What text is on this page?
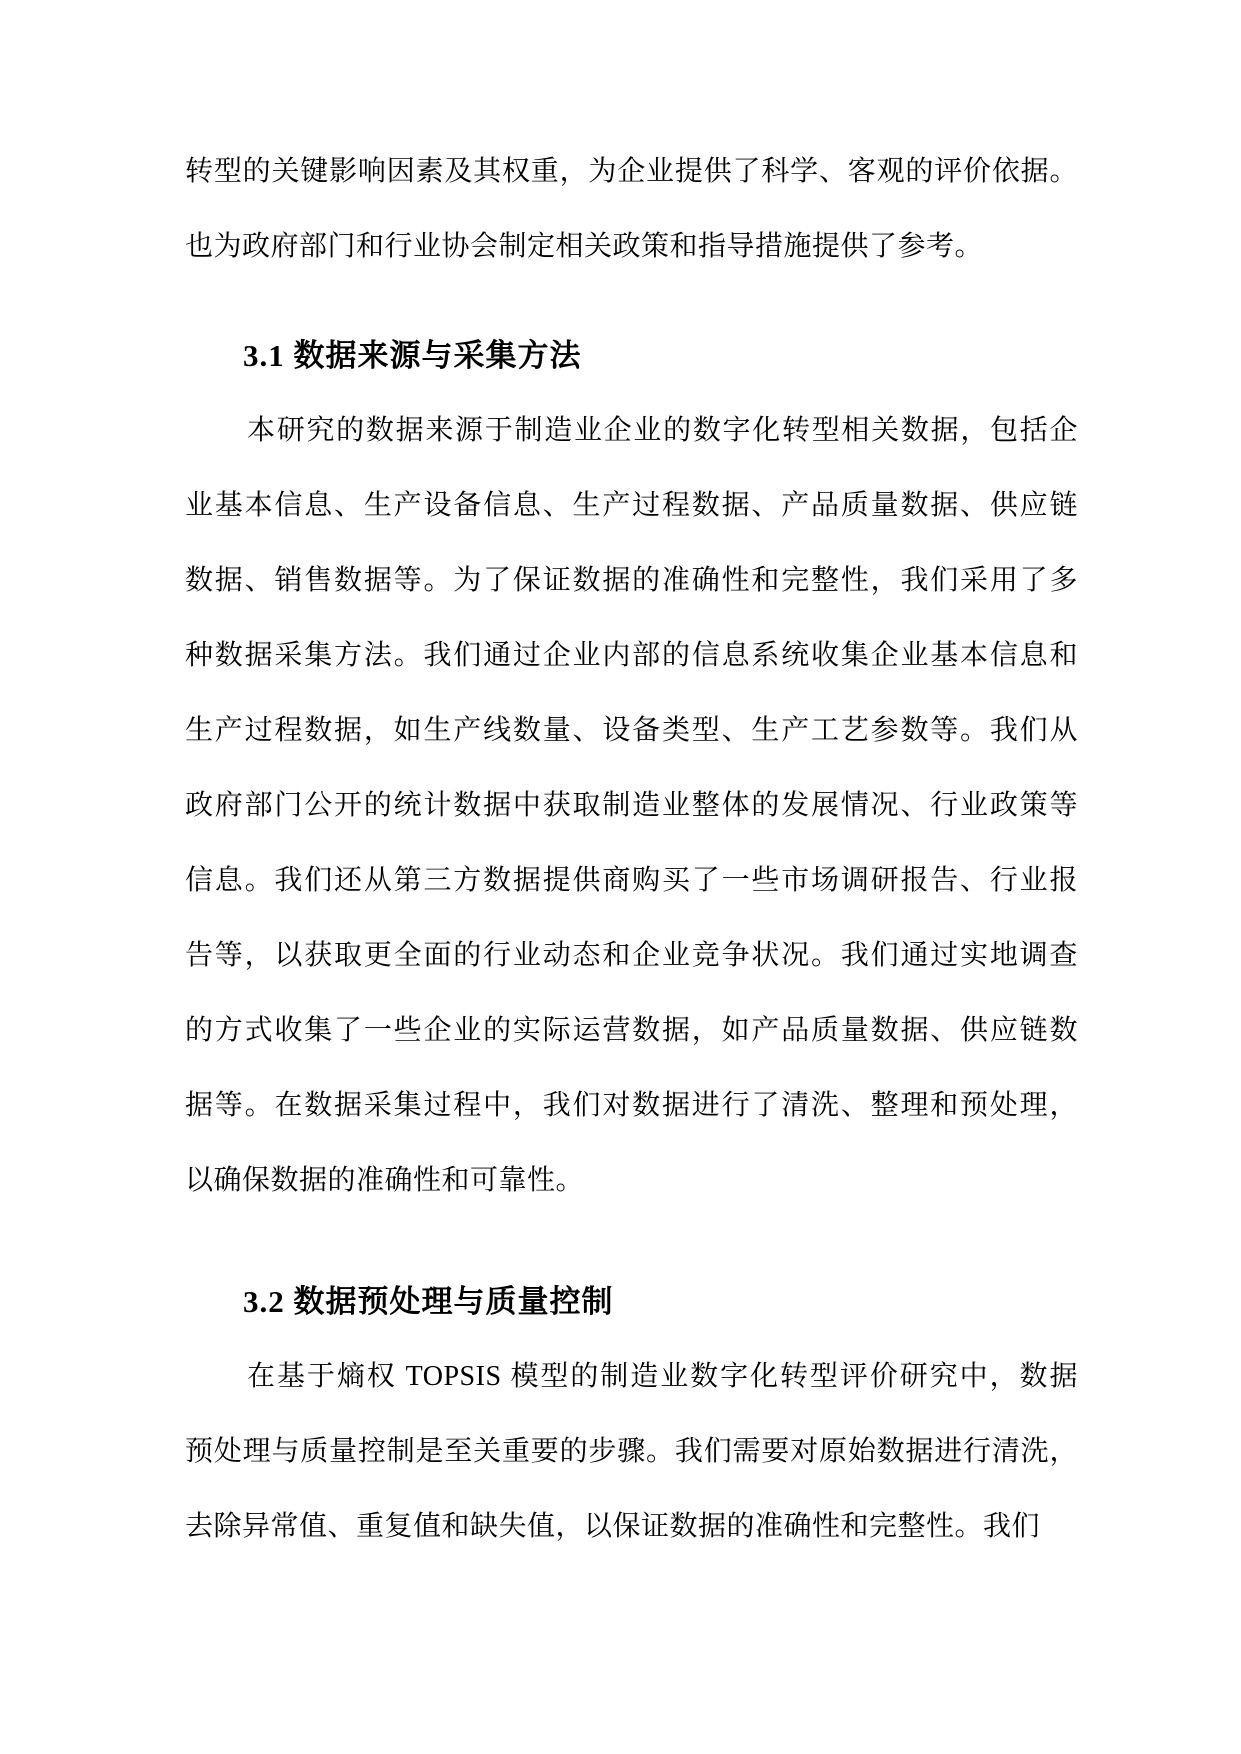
转型的关键影响因素及其权重，为企业提供了科学、客观的评价依据。
也为政府部门和行业协会制定相关政策和指导措施提供了参考。
3.1 数据来源与采集方法
本研究的数据来源于制造业企业的数字化转型相关数据，包括企
业基本信息、生产设备信息、生产过程数据、产品质量数据、供应链
数据、销售数据等。为了保证数据的准确性和完整性，我们采用了多
种数据采集方法。我们通过企业内部的信息系统收集企业基本信息和
生产过程数据，如生产线数量、设备类型、生产工艺参数等。我们从
政府部门公开的统计数据中获取制造业整体的发展情况、行业政策等
信息。我们还从第三方数据提供商购买了一些市场调研报告、行业报
告等，以获取更全面的行业动态和企业竞争状况。我们通过实地调查
的方式收集了一些企业的实际运营数据，如产品质量数据、供应链数
据等。在数据采集过程中，我们对数据进行了清洗、整理和预处理，
以确保数据的准确性和可靠性。
3.2 数据预处理与质量控制
在基于熵权 TOPSIS 模型的制造业数字化转型评价研究中，数据
预处理与质量控制是至关重要的步骤。我们需要对原始数据进行清洗，
去除异常值、重复值和缺失值，以保证数据的准确性和完整性。我们
